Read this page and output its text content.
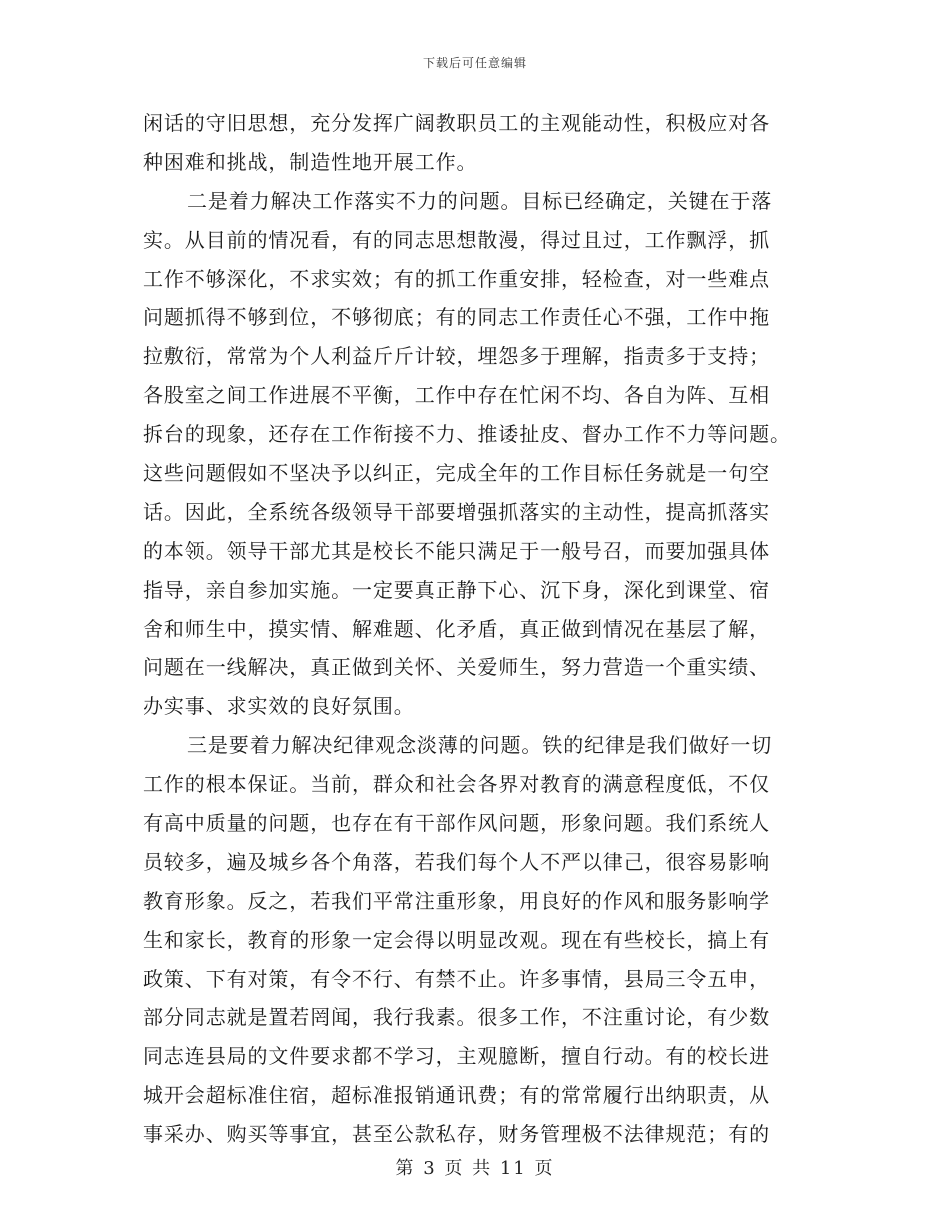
下载后可任意编辑
闲话的守旧思想，充分发挥广阔教职员工的主观能动性，积极应对各
种困难和挑战，制造性地开展工作。
二是着力解决工作落实不力的问题。目标已经确定，关键在于落
实。从目前的情况看，有的同志思想散漫，得过且过，工作飘浮，抓
工作不够深化，不求实效；有的抓工作重安排，轻检查，对一些难点
问题抓得不够到位，不够彻底；有的同志工作责任心不强，工作中拖
拉敷衍，常常为个人利益斤斤计较，埋怨多于理解，指责多于支持；
各股室之间工作进展不平衡，工作中存在忙闲不均、各自为阵、互相
拆台的现象，还存在工作衔接不力、推诿扯皮、督办工作不力等问题。
这些问题假如不坚决予以纠正，完成全年的工作目标任务就是一句空
话。因此，全系统各级领导干部要增强抓落实的主动性，提高抓落实
的本领。领导干部尤其是校长不能只满足于一般号召，而要加强具体
指导，亲自参加实施。一定要真正静下心、沉下身，深化到课堂、宿
舍和师生中，摸实情、解难题、化矛盾，真正做到情况在基层了解，
问题在一线解决，真正做到关怀、关爱师生，努力营造一个重实绩、
办实事、求实效的良好氛围。
三是要着力解决纪律观念淡薄的问题。铁的纪律是我们做好一切
工作的根本保证。当前，群众和社会各界对教育的满意程度低，不仅
有高中质量的问题，也存在有干部作风问题，形象问题。我们系统人
员较多，遍及城乡各个角落，若我们每个人不严以律己，很容易影响
教育形象。反之，若我们平常注重形象，用良好的作风和服务影响学
生和家长，教育的形象一定会得以明显改观。现在有些校长，搞上有
政策、下有对策，有令不行、有禁不止。许多事情，县局三令五申，
部分同志就是置若罔闻，我行我素。很多工作，不注重讨论，有少数
同志连县局的文件要求都不学习，主观臆断，擅自行动。有的校长进
城开会超标准住宿，超标准报销通讯费；有的常常履行出纳职责，从
事采办、购买等事宜，甚至公款私存，财务管理极不法律规范；有的
第 3 页 共 11 页
